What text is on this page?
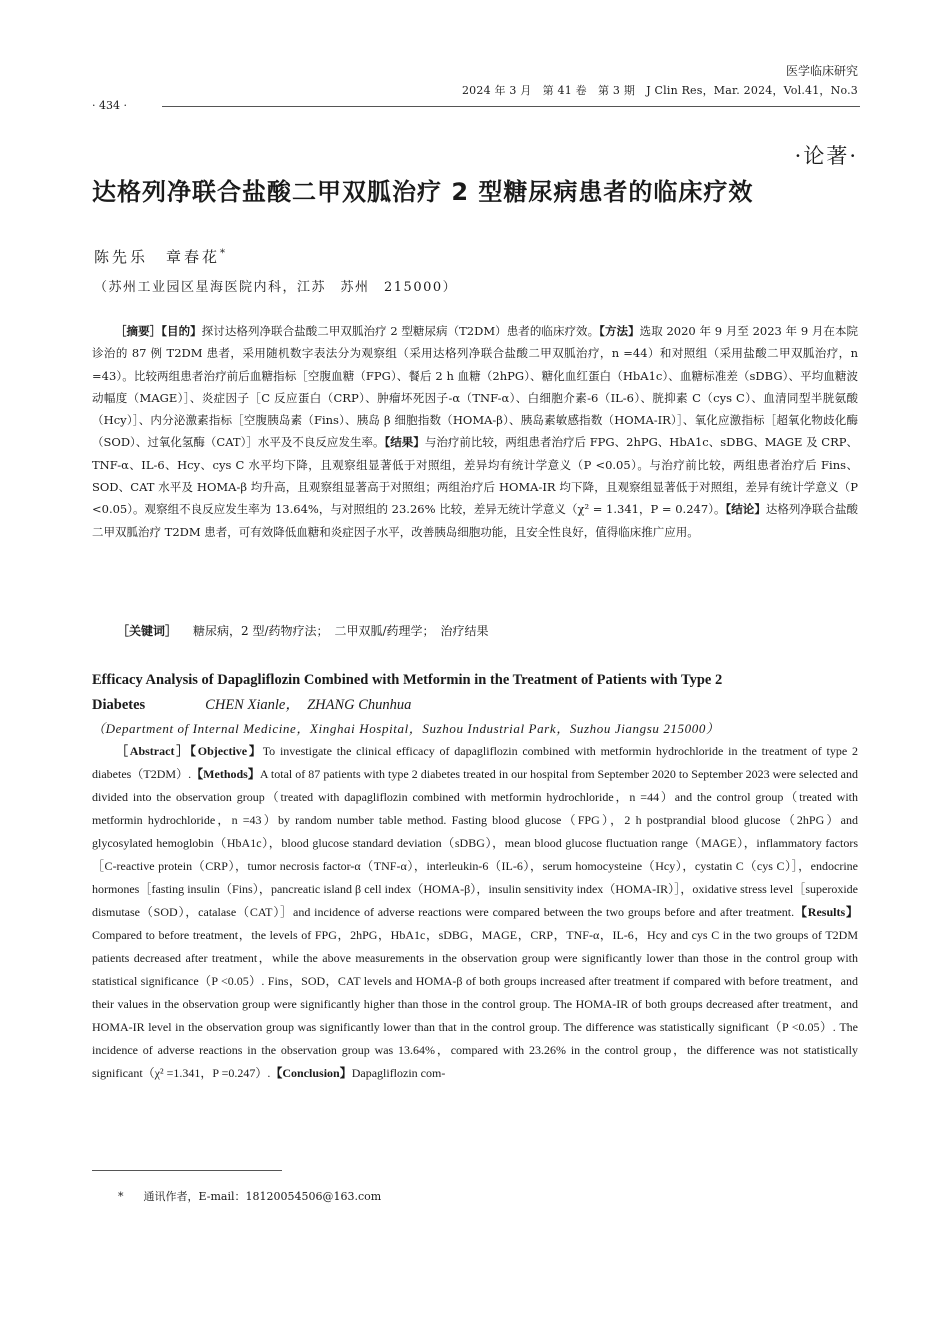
医学临床研究
2024 年 3 月　第 41 卷　第 3 期　J Clin Res，Mar. 2024，Vol.41，No.3
· 434 ·
·论著·
达格列净联合盐酸二甲双胍治疗 2 型糖尿病患者的临床疗效
陈先乐　章春花*
（苏州工业园区星海医院内科，江苏　苏州　215000）

［摘要］【目的】探讨达格列净联合盐酸二甲双胍治疗 2 型糖尿病（T2DM）患者的临床疗效。【方法】选取 2020 年 9 月至 2023 年 9 月在本院诊治的 87 例 T2DM 患者，采用随机数字表法分为观察组（采用达格列净联合盐酸二甲双胍治疗，n =44）和对照组（采用盐酸二甲双胍治疗，n =43）。比较两组患者治疗前后血糖指标［空腹血糖（FPG）、餐后 2 h 血糖（2hPG）、糖化血红蛋白（HbA1c）、血糖标准差（sDBG）、平均血糖波动幅度（MAGE）］、炎症因子［C 反应蛋白（CRP）、肿瘤坏死因子-α（TNF-α）、白细胞介素-6（IL-6）、胱抑素 C（cys C）、血清同型半胱氨酸（Hcy）］、内分泌激素指标［空腹胰岛素（Fins）、胰岛 β 细胞指数（HOMA-β）、胰岛素敏感指数（HOMA-IR）］、氧化应激指标［超氧化物歧化酶（SOD）、过氧化氢酶（CAT）］水平及不良反应发生率。【结果】与治疗前比较，两组患者治疗后 FPG、2hPG、HbA1c、sDBG、MAGE 及 CRP、TNF-α、IL-6、Hcy、cys C 水平均下降，且观察组显著低于对照组，差异均有统计学意义（P <0.05）。与治疗前比较，两组患者治疗后 Fins、SOD、CAT 水平及 HOMA-β 均升高，且观察组显著高于对照组；两组治疗后 HOMA-IR 均下降，且观察组显著低于对照组，差异有统计学意义（P <0.05）。观察组不良反应发生率为 13.64%，与对照组的 23.26% 比较，差异无统计学意义（χ² = 1.341，P = 0.247）。【结论】达格列净联合盐酸二甲双胍治疗 T2DM 患者，可有效降低血糖和炎症因子水平，改善胰岛细胞功能，且安全性良好，值得临床推广应用。

［关键词］ 糖尿病，2 型/药物疗法；　二甲双胍/药理学；　治疗结果
Efficacy Analysis of Dapagliflozin Combined with Metformin in the Treatment of Patients with Type 2 Diabetes	CHEN Xianle，　ZHANG Chunhua
（Department of Internal Medicine，Xinghai Hospital，Suzhou Industrial Park，Suzhou Jiangsu 215000）

［Abstract］【Objective】To investigate the clinical efficacy of dapagliflozin combined with metformin hydrochloride in the treatment of type 2 diabetes（T2DM）.【Methods】A total of 87 patients with type 2 diabetes treated in our hospital from September 2020 to September 2023 were selected and divided into the observation group（treated with dapagliflozin combined with metformin hydrochloride，n =44）and the control group（treated with metformin hydrochloride，n =43）by random number table method. Fasting blood glucose（FPG），2 h postprandial blood glucose（2hPG）and glycosylated hemoglobin（HbA1c），blood glucose standard deviation（sDBG），mean blood glucose fluctuation range（MAGE），inflammatory factors［C-reactive protein（CRP），tumor necrosis factor-α（TNF-α），interleukin-6（IL-6），serum homocysteine（Hcy），cystatin C（cys C）］，endocrine hormones［fasting insulin（Fins），pancreatic island β cell index（HOMA-β），insulin sensitivity index（HOMA-IR）］，oxidative stress level［superoxide dismutase（SOD），catalase（CAT）］and incidence of adverse reactions were compared between the two groups before and after treatment.【Results】Compared to before treatment，the levels of FPG，2hPG，HbA1c，sDBG，MAGE，CRP，TNF-α，IL-6，Hcy and cys C in the two groups of T2DM patients decreased after treatment，while the above measurements in the observation group were significantly lower than those in the control group with statistical significance（P <0.05）. Fins，SOD，CAT levels and HOMA-β of both groups increased after treatment if compared with before treatment，and their values in the observation group were significantly higher than those in the control group. The HOMA-IR of both groups decreased after treatment，and HOMA-IR level in the observation group was significantly lower than that in the control group. The difference was statistically significant（P <0.05）. The incidence of adverse reactions in the observation group was 13.64%，compared with 23.26% in the control group，the difference was not statistically significant（χ² =1.341，P =0.247）.【Conclusion】Dapagliflozin com-

* 通讯作者，E-mail：18120054506@163.com
